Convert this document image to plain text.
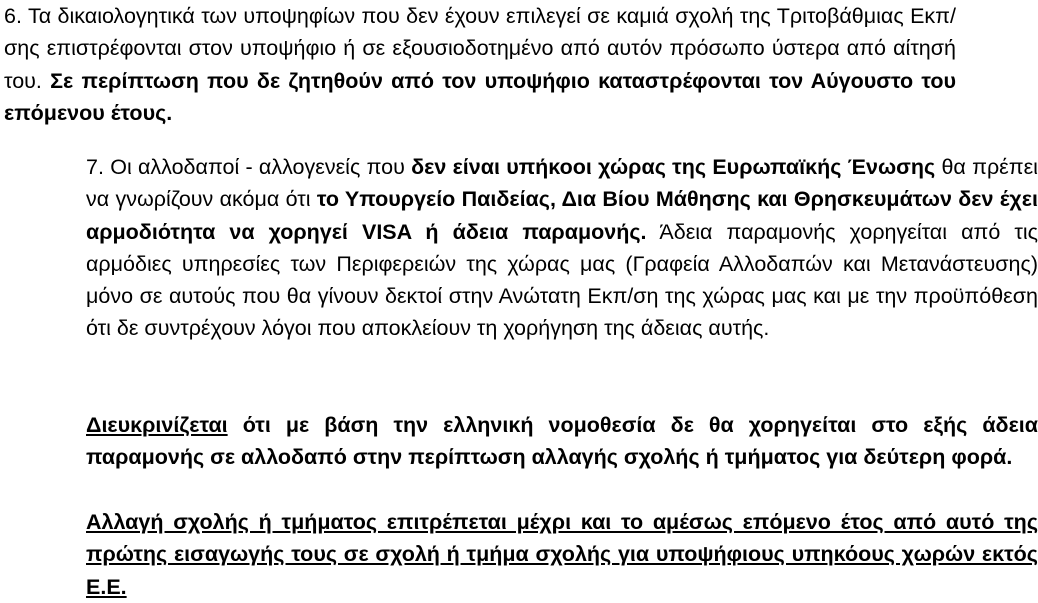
6. Τα δικαιολογητικά των υποψηφίων που δεν έχουν επιλεγεί σε καμιά σχολή της Τριτοβάθμιας Εκπ/σης επιστρέφονται στον υποψήφιο ή σε εξουσιοδοτημένο από αυτόν πρόσωπο ύστερα από αίτησή του. Σε περίπτωση που δε ζητηθούν από τον υποψήφιο καταστρέφονται τον Αύγουστο του επόμενου έτους.

7. Οι αλλοδαποί - αλλογενείς που δεν είναι υπήκοοι χώρας της Ευρωπαϊκής Ένωσης θα πρέπει να γνωρίζουν ακόμα ότι το Υπουργείο Παιδείας, Δια Βίου Μάθησης και Θρησκευμάτων δεν έχει αρμοδιότητα να χορηγεί VISA ή άδεια παραμονής. Άδεια παραμονής χορηγείται από τις αρμόδιες υπηρεσίες των Περιφερειών της χώρας μας (Γραφεία Αλλοδαπών και Μετανάστευσης) μόνο σε αυτούς που θα γίνουν δεκτοί στην Ανώτατη Εκπ/ση της χώρας μας και με την προϋπόθεση ότι δε συντρέχουν λόγοι που αποκλείουν τη χορήγηση της άδειας αυτής.

Διευκρινίζεται ότι με βάση την ελληνική νομοθεσία δε θα χορηγείται στο εξής άδεια παραμονής σε αλλοδαπό στην περίπτωση αλλαγής σχολής ή τμήματος για δεύτερη φορά.

Αλλαγή σχολής ή τμήματος επιτρέπεται μέχρι και το αμέσως επόμενο έτος από αυτό της πρώτης εισαγωγής τους σε σχολή ή τμήμα σχολής για υποψήφιους υπηκόους χωρών εκτός Ε.Ε.
